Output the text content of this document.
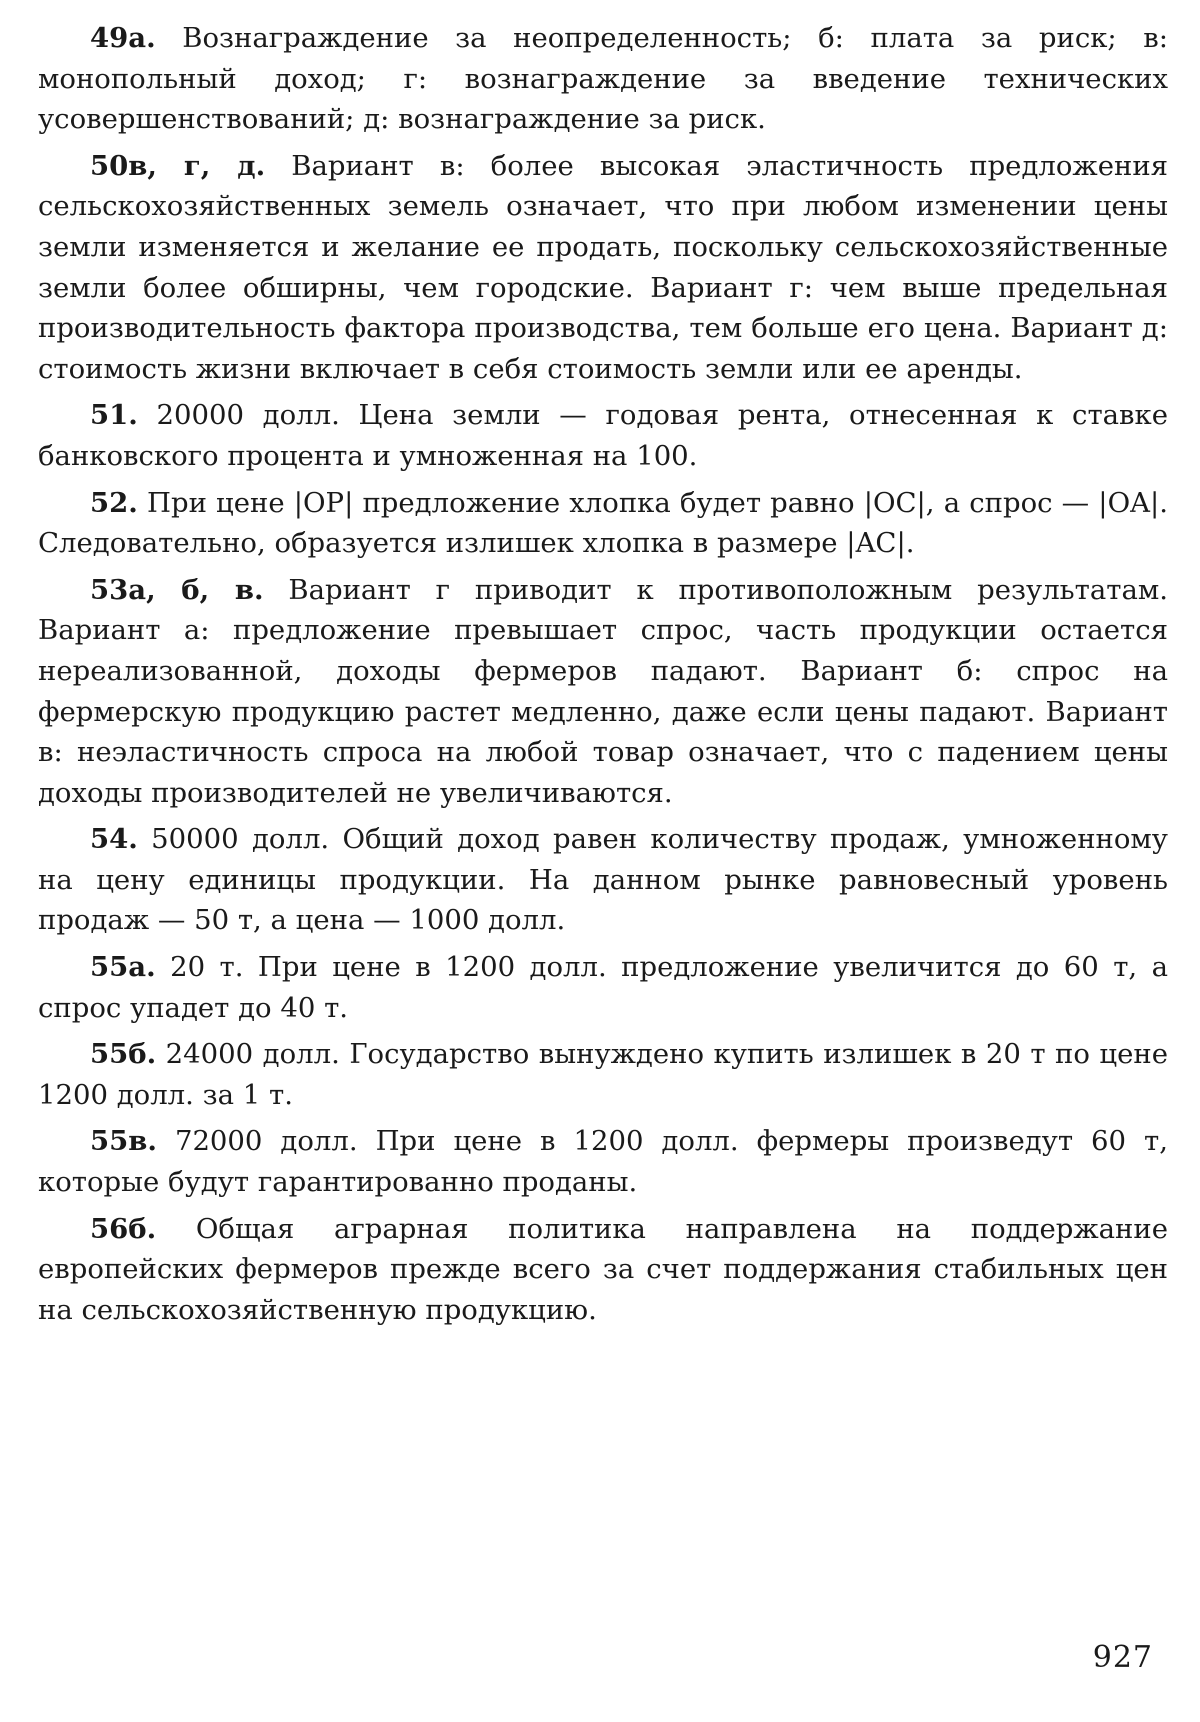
49а. Вознаграждение за неопределенность; б: плата за риск; в: монопольный доход; г: вознаграждение за введение технических усовершенствований; д: вознаграждение за риск.

50в, г, д. Вариант в: более высокая эластичность предложения сельскохозяйственных земель означает, что при любом изменении цены земли изменяется и желание ее продать, поскольку сельскохозяйственные земли более обширны, чем городские. Вариант г: чем выше предельная производительность фактора производства, тем больше его цена. Вариант д: стоимость жизни включает в себя стоимость земли или ее аренды.

51. 20000 долл. Цена земли — годовая рента, отнесенная к ставке банковского процента и умноженная на 100.

52. При цене |OP| предложение хлопка будет равно |OC|, а спрос — |OA|. Следовательно, образуется излишек хлопка в размере |AC|.

53а, б, в. Вариант г приводит к противоположным результатам. Вариант а: предложение превышает спрос, часть продукции остается нереализованной, доходы фермеров падают. Вариант б: спрос на фермерскую продукцию растет медленно, даже если цены падают. Вариант в: неэластичность спроса на любой товар означает, что с падением цены доходы производителей не увеличиваются.

54. 50000 долл. Общий доход равен количеству продаж, умноженному на цену единицы продукции. На данном рынке равновесный уровень продаж — 50 т, а цена — 1000 долл.

55а. 20 т. При цене в 1200 долл. предложение увеличится до 60 т, а спрос упадет до 40 т.

55б. 24000 долл. Государство вынуждено купить излишек в 20 т по цене 1200 долл. за 1 т.

55в. 72000 долл. При цене в 1200 долл. фермеры произведут 60 т, которые будут гарантированно проданы.

56б. Общая аграрная политика направлена на поддержание европейских фермеров прежде всего за счет поддержания стабильных цен на сельскохозяйственную продукцию.

927
